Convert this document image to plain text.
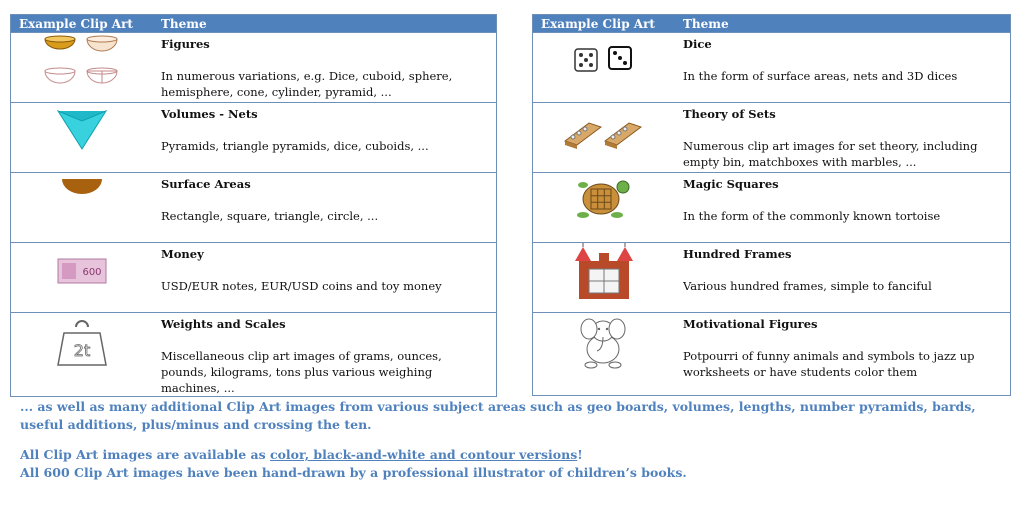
Example Clip Art	Theme

Figures
In numerous variations, e.g. Dice, cuboid, sphere, hemisphere, cone, cylinder, pyramid, ...

Volumes - Nets
Pyramids, triangle pyramids, dice, cuboids, ...

Surface Areas
Rectangle, square, triangle, circle, ...

600	Money
USD/EUR notes, EUR/USD coins and toy money

2t	Weights and Scales
Miscellaneous clip art images of grams, ounces, pounds, kilograms, tons plus various weighing machines, ...
Example Clip Art	Theme

Dice
In the form of surface areas, nets and 3D dices

Theory of Sets
Numerous clip art images for set theory, including empty bin, matchboxes with marbles, ...

Magic Squares
In the form of the commonly known tortoise

Hundred Frames
Various hundred frames, simple to fanciful

Motivational Figures
Potpourri of funny animals and symbols to jazz up worksheets or have students color them
... as well as many additional Clip Art images from various subject areas such as geo boards, volumes, lengths, number pyramids, bards, useful additions, plus/minus and crossing the ten.
All Clip Art images are available as color, black-and-white and contour versions!
All 600 Clip Art images have been hand-drawn by a professional illustrator of children’s books.
